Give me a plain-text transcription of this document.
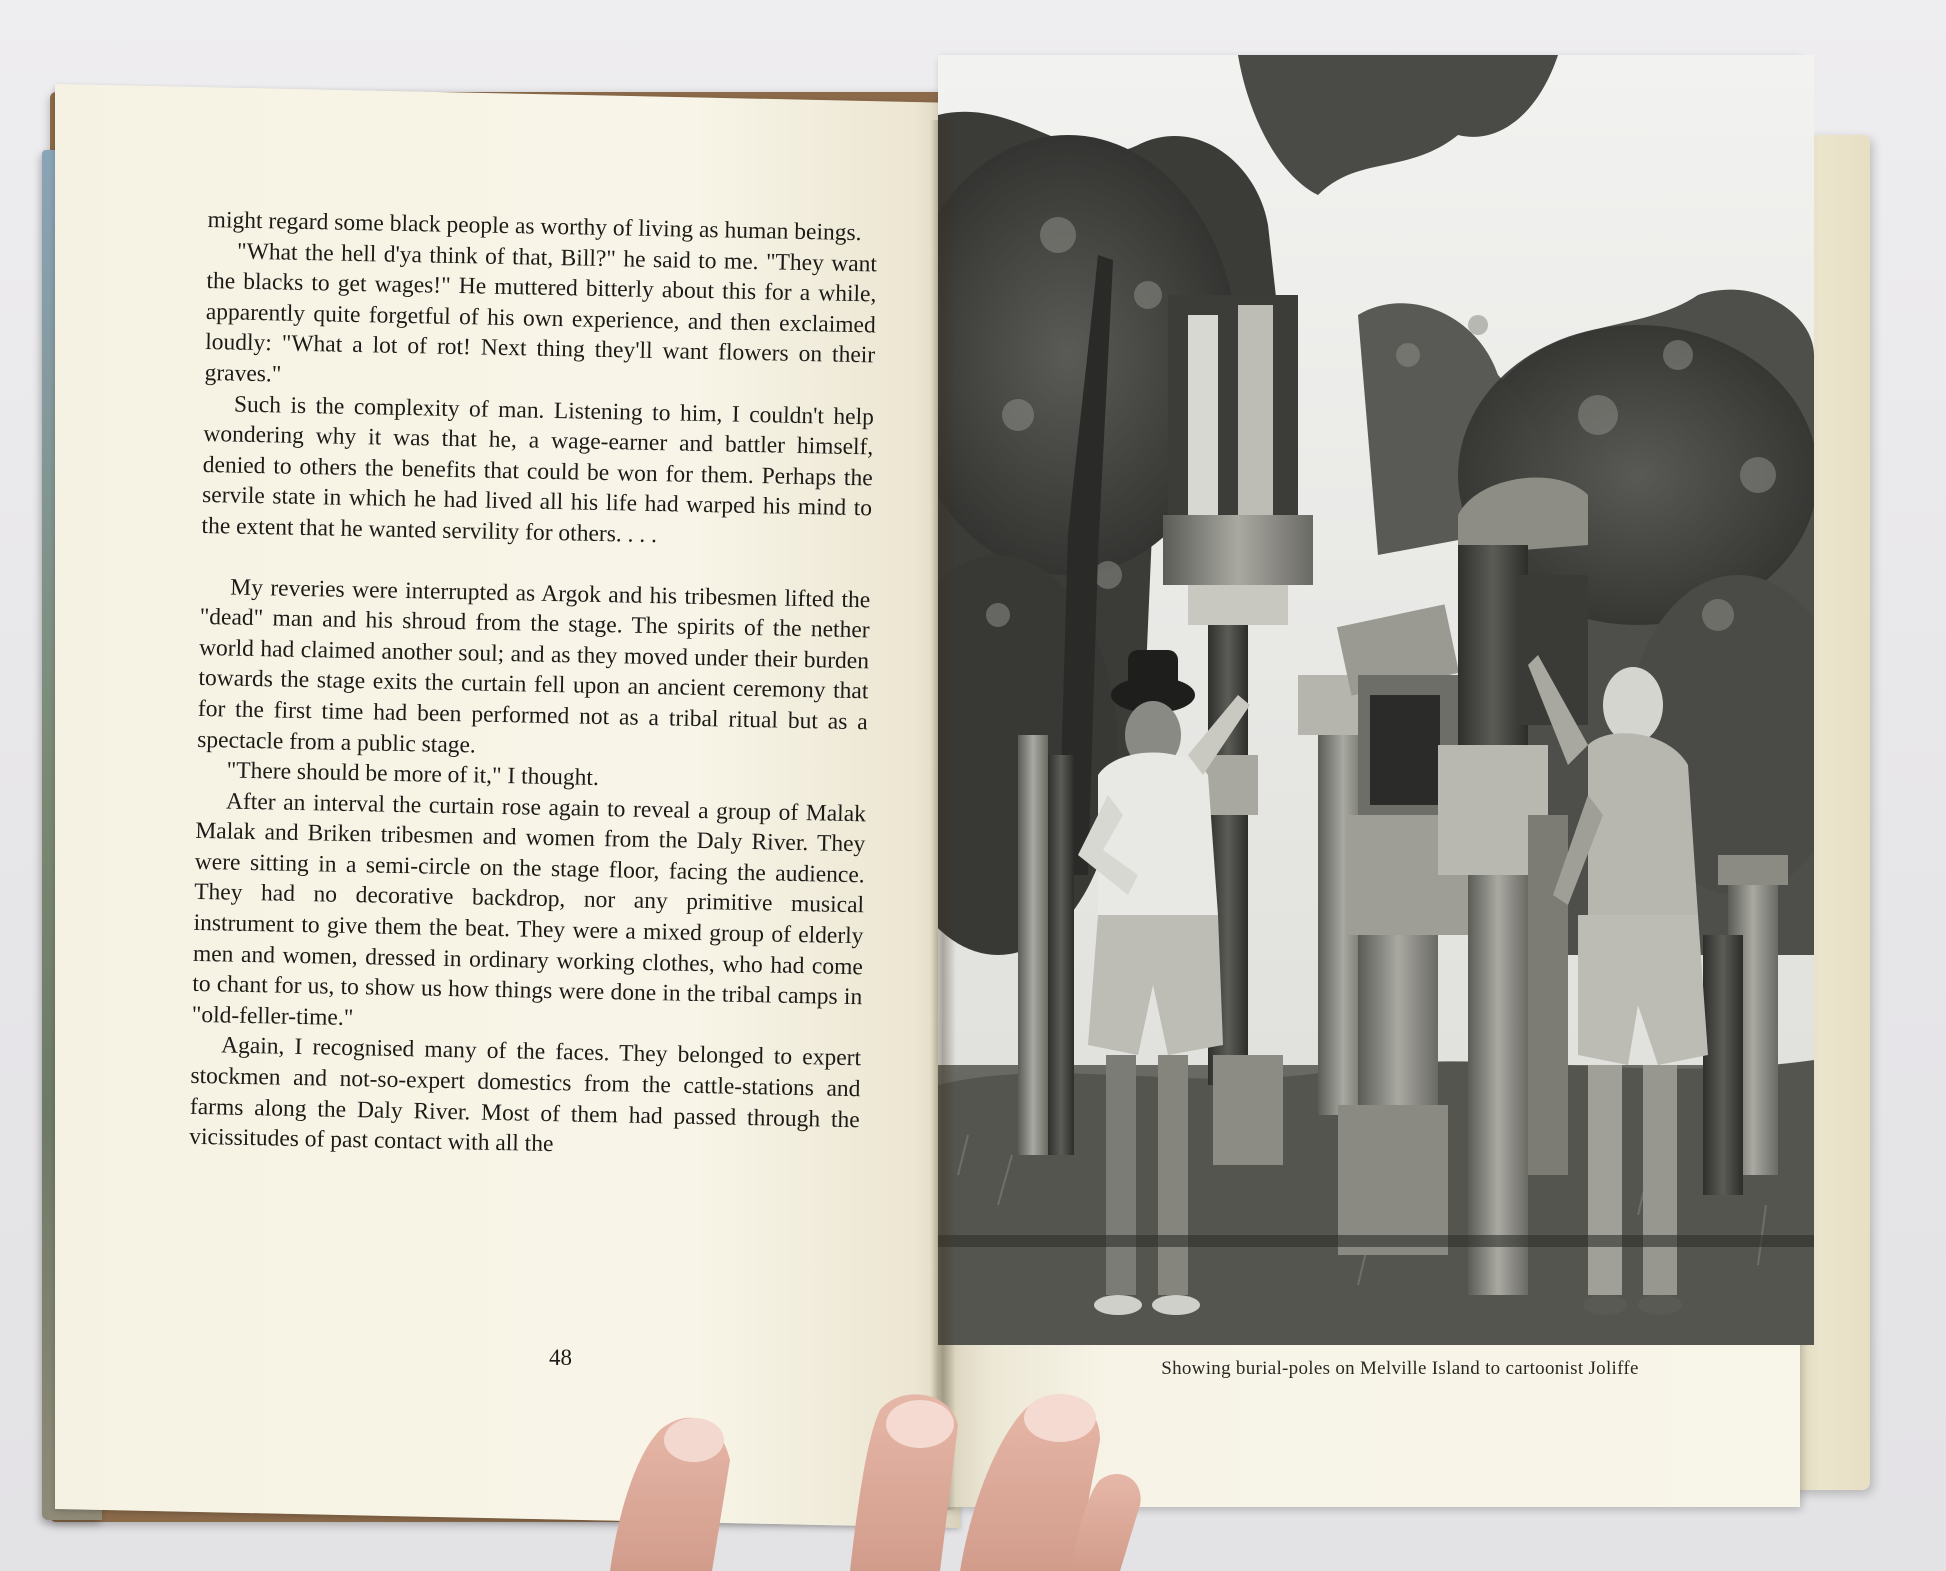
might regard some black people as worthy of living as human beings.

"What the hell d'ya think of that, Bill?" he said to me. "They want the blacks to get wages!" He muttered bitterly about this for a while, apparently quite forgetful of his own experience, and then exclaimed loudly: "What a lot of rot! Next thing they'll want flowers on their graves."

Such is the complexity of man. Listening to him, I couldn't help wondering why it was that he, a wage-earner and battler himself, denied to others the benefits that could be won for them. Perhaps the servile state in which he had lived all his life had warped his mind to the extent that he wanted servility for others. . . .

My reveries were interrupted as Argok and his tribesmen lifted the "dead" man and his shroud from the stage. The spirits of the nether world had claimed another soul; and as they moved under their burden towards the stage exits the curtain fell upon an ancient ceremony that for the first time had been performed not as a tribal ritual but as a spectacle from a public stage.

"There should be more of it," I thought.

After an interval the curtain rose again to reveal a group of Malak Malak and Briken tribesmen and women from the Daly River. They were sitting in a semi-circle on the stage floor, facing the audience. They had no decorative backdrop, nor any primitive musical instrument to give them the beat. They were a mixed group of elderly men and women, dressed in ordinary working clothes, who had come to chant for us, to show us how things were done in the tribal camps in "old-feller-time."

Again, I recognised many of the faces. They belonged to expert stockmen and not-so-expert domestics from the cattle-stations and farms along the Daly River. Most of them had passed through the vicissitudes of past contact with all the

48	Showing burial-poles on Melville Island to cartoonist Joliffe
